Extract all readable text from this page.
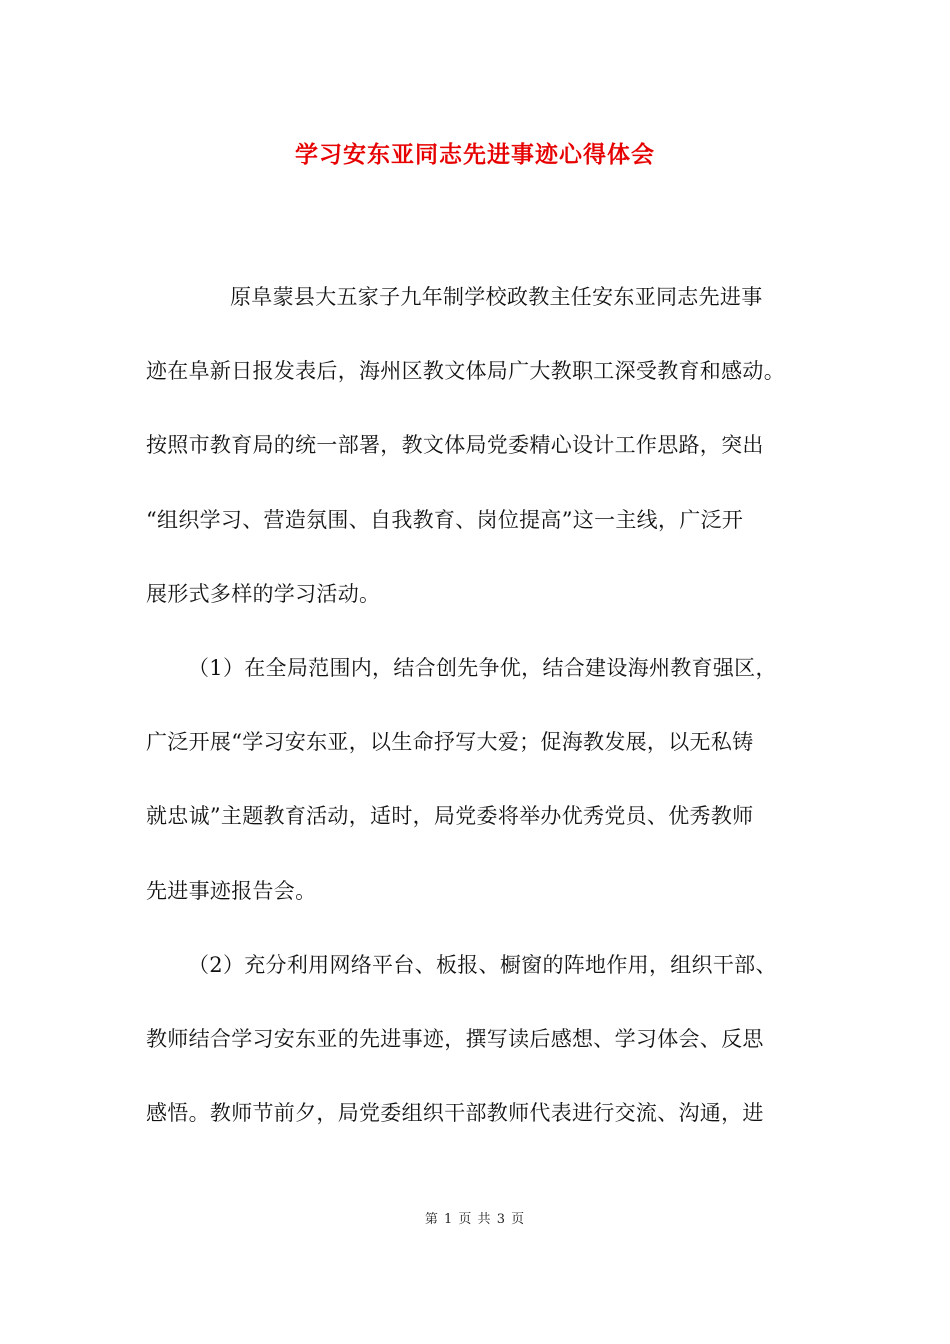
学习安东亚同志先进事迹心得体会
原阜蒙县大五家子九年制学校政教主任安东亚同志先进事
迹在阜新日报发表后，海州区教文体局广大教职工深受教育和感动。
按照市教育局的统一部署，教文体局党委精心设计工作思路，突出
“组织学习、营造氛围、自我教育、岗位提高”这一主线，广泛开
展形式多样的学习活动。
（1）在全局范围内，结合创先争优，结合建设海州教育强区，
广泛开展“学习安东亚，以生命抒写大爱；促海教发展，以无私铸
就忠诚”主题教育活动，适时，局党委将举办优秀党员、优秀教师
先进事迹报告会。
（2）充分利用网络平台、板报、橱窗的阵地作用，组织干部、
教师结合学习安东亚的先进事迹，撰写读后感想、学习体会、反思
感悟。教师节前夕，局党委组织干部教师代表进行交流、沟通，进
第 1 页 共 3 页
